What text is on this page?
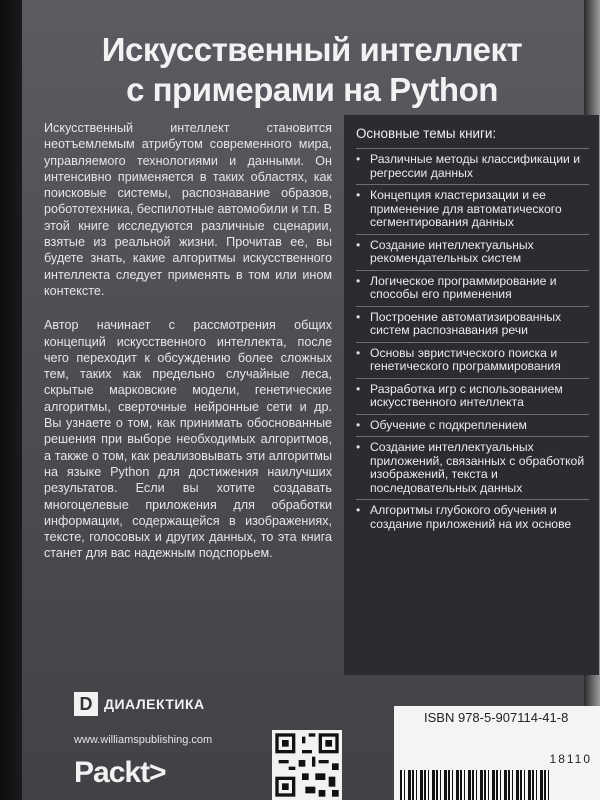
Искусственный интеллект
с примерами на Python

Искусственный интеллект становится неотъемлемым атрибутом современного мира, управляемого технологиями и данными. Он интенсивно применяется в таких областях, как поисковые системы, распознавание образов, робототехника, беспилотные автомобили и т.п. В этой книге исследуются различные сценарии, взятые из реальной жизни. Прочитав ее, вы будете знать, какие алгоритмы искусственного интеллекта следует применять в том или ином контексте.

Автор начинает с рассмотрения общих концепций искусственного интеллекта, после чего переходит к обсуждению более сложных тем, таких как предельно случайные леса, скрытые марковские модели, генетические алгоритмы, сверточные нейронные сети и др. Вы узнаете о том, как принимать обоснованные решения при выборе необходимых алгоритмов, а также о том, как реализовывать эти алгоритмы на языке Python для достижения наилучших результатов. Если вы хотите создавать многоцелевые приложения для обработки информации, содержащейся в изображениях, тексте, голосовых и других данных, то эта книга станет для вас надежным подспорьем.

Основные темы книги:
• Различные методы классификации и регрессии данных
• Концепция кластеризации и ее применение для автоматического сегментирования данных
• Создание интеллектуальных рекомендательных систем
• Логическое программирование и способы его применения
• Построение автоматизированных систем распознавания речи
• Основы эвристического поиска и генетического программирования
• Разработка игр с использованием искусственного интеллекта
• Обучение с подкреплением
• Создание интеллектуальных приложений, связанных с обработкой изображений, текста и последовательных данных
• Алгоритмы глубокого обучения и создание приложений на их основе
D ДИАЛЕКТИКА
www.williamspublishing.com
Packt>
ISBN 978-5-907114-41-8
18110
